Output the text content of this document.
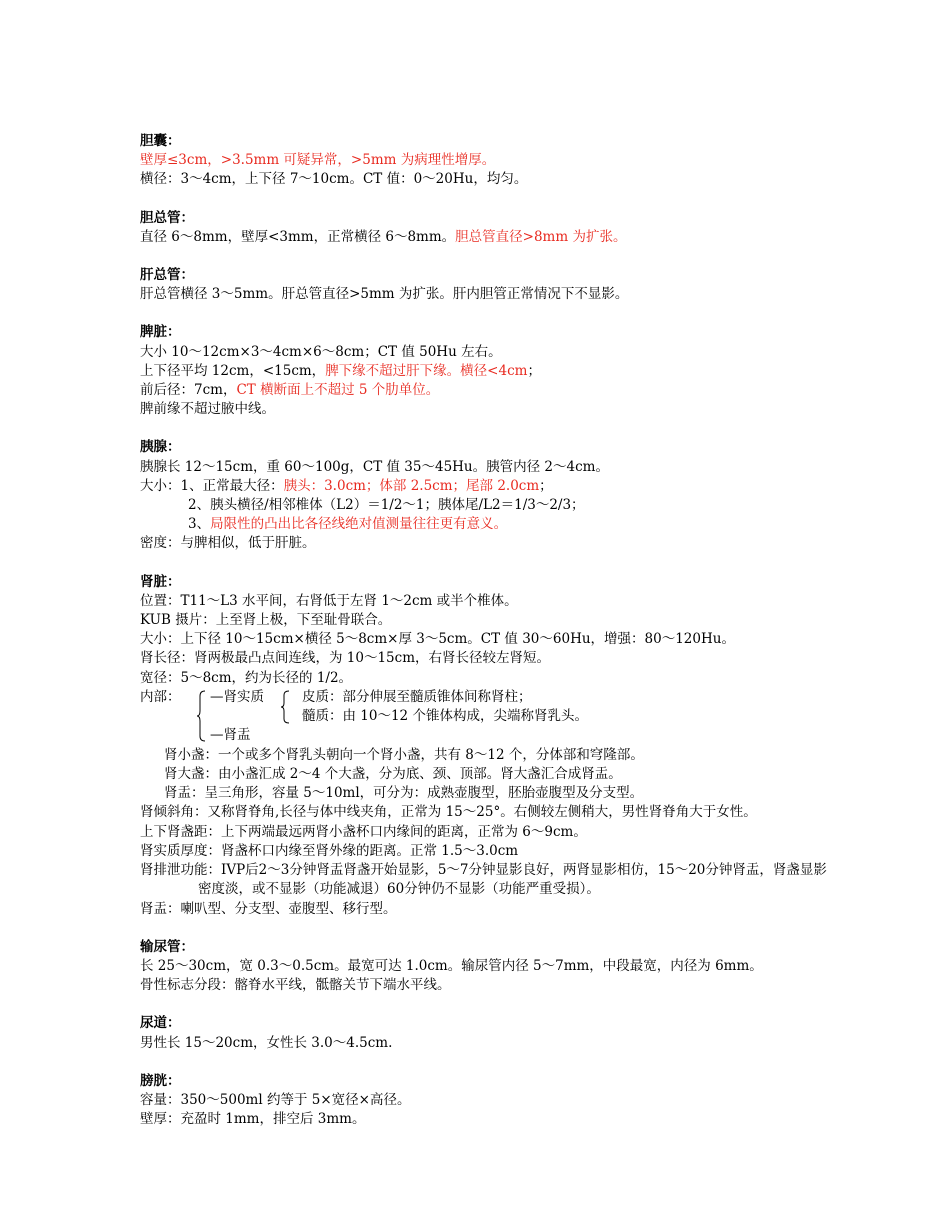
胆囊：
壁厚≤3cm，>3.5mm 可疑异常，>5mm 为病理性增厚。
横径：3～4cm，上下径 7～10cm。CT 值：0～20Hu，均匀。
胆总管：
直径 6～8mm，壁厚<3mm，正常横径 6～8mm。胆总管直径>8mm 为扩张。
肝总管：
肝总管横径 3～5mm。肝总管直径>5mm 为扩张。肝内胆管正常情况下不显影。
脾脏：
大小 10～12cm×3～4cm×6～8cm；CT 值 50Hu 左右。
上下径平均 12cm，<15cm，脾下缘不超过肝下缘。横径<4cm；
前后径：7cm，CT 横断面上不超过 5 个肋单位。
脾前缘不超过腋中线。
胰腺：
胰腺长 12～15cm，重 60～100g，CT 值 35～45Hu。胰管内径 2～4cm。
大小：1、正常最大径：胰头：3.0cm；体部 2.5cm；尾部 2.0cm；
2、胰头横径/相邻椎体（L2）＝1/2～1；胰体尾/L2＝1/3～2/3；
3、局限性的凸出比各径线绝对值测量往往更有意义。
密度：与脾相似，低于肝脏。
肾脏：
位置：T11～L3 水平间，右肾低于左肾 1～2cm 或半个椎体。
KUB 摄片：上至肾上极，下至耻骨联合。
大小：上下径 10～15cm×横径 5～8cm×厚 3～5cm。CT 值 30～60Hu，增强：80～120Hu。
肾长径：肾两极最凸点间连线，为 10～15cm，右肾长径较左肾短。
宽径：5～8cm，约为长径的 1/2。
内部： —肾实质
—肾盂
皮质：部分伸展至髓质锥体间称肾柱；
髓质：由 10～12 个锥体构成，尖端称肾乳头。
肾小盏：一个或多个肾乳头朝向一个肾小盏，共有 8～12 个，分体部和穹隆部。
肾大盏：由小盏汇成 2～4 个大盏，分为底、颈、顶部。肾大盏汇合成肾盂。
肾盂：呈三角形，容量 5～10ml，可分为：成熟壶腹型，胚胎壶腹型及分支型。
肾倾斜角：又称肾脊角,长径与体中线夹角，正常为 15～25°。右侧较左侧稍大，男性肾脊角大于女性。
上下肾盏距：上下两端最远两肾小盏杯口内缘间的距离，正常为 6～9cm。
肾实质厚度：肾盏杯口内缘至肾外缘的距离。正常 1.5～3.0cm
肾排泄功能：IVP后2～3分钟肾盂肾盏开始显影，5～7分钟显影良好，两肾显影相仿，15～20分钟肾盂，肾盏显影密度淡，或不显影（功能减退）60分钟仍不显影（功能严重受损）。
肾盂：喇叭型、分支型、壶腹型、移行型。
输尿管：
长 25～30cm，宽 0.3～0.5cm。最宽可达 1.0cm。输尿管内径 5～7mm，中段最宽，内径为 6mm。
骨性标志分段：髂脊水平线，骶髂关节下端水平线。
尿道：
男性长 15～20cm，女性长 3.0～4.5cm.
膀胱：
容量：350～500ml 约等于 5×宽径×高径。
壁厚：充盈时 1mm，排空后 3mm。
